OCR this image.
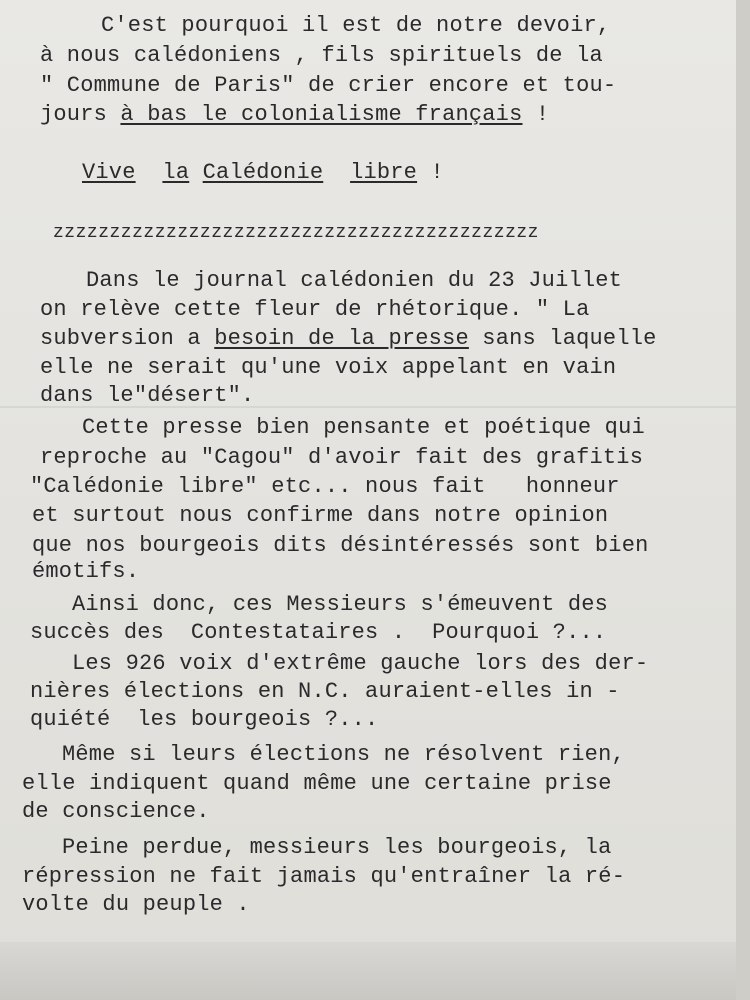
C'est pourquoi il est de notre devoir,

à nous calédoniens , fils spirituels de la

" Commune de Paris" de crier encore et tou-

jours à bas le colonialisme français !

Vive la Calédonie libre !

zzzzzzzzzzzzzzzzzzzzzzzzzzzzzzzzzzzzzzzzzzz

Dans le journal calédonien du 23 Juillet

on relève cette fleur de rhétorique. " La

subversion a besoin de la presse sans laquelle

elle ne serait qu'une voix appelant en vain

dans le"désert".

Cette presse bien pensante et poétique qui

reproche au "Cagou" d'avoir fait des grafitis

"Calédonie libre" etc... nous fait   honneur

et surtout nous confirme dans notre opinion

que nos bourgeois dits désintéressés sont bien

émotifs.

Ainsi donc, ces Messieurs s'émeuvent des

succès des  Contestataires .  Pourquoi ?...

Les 926 voix d'extrême gauche lors des der-

nières élections en N.C. auraient-elles in -

quiété  les bourgeois ?...

Même si leurs élections ne résolvent rien,

elle indiquent quand même une certaine prise

de conscience.

Peine perdue, messieurs les bourgeois, la

répression ne fait jamais qu'entraîner la ré-

volte du peuple .
